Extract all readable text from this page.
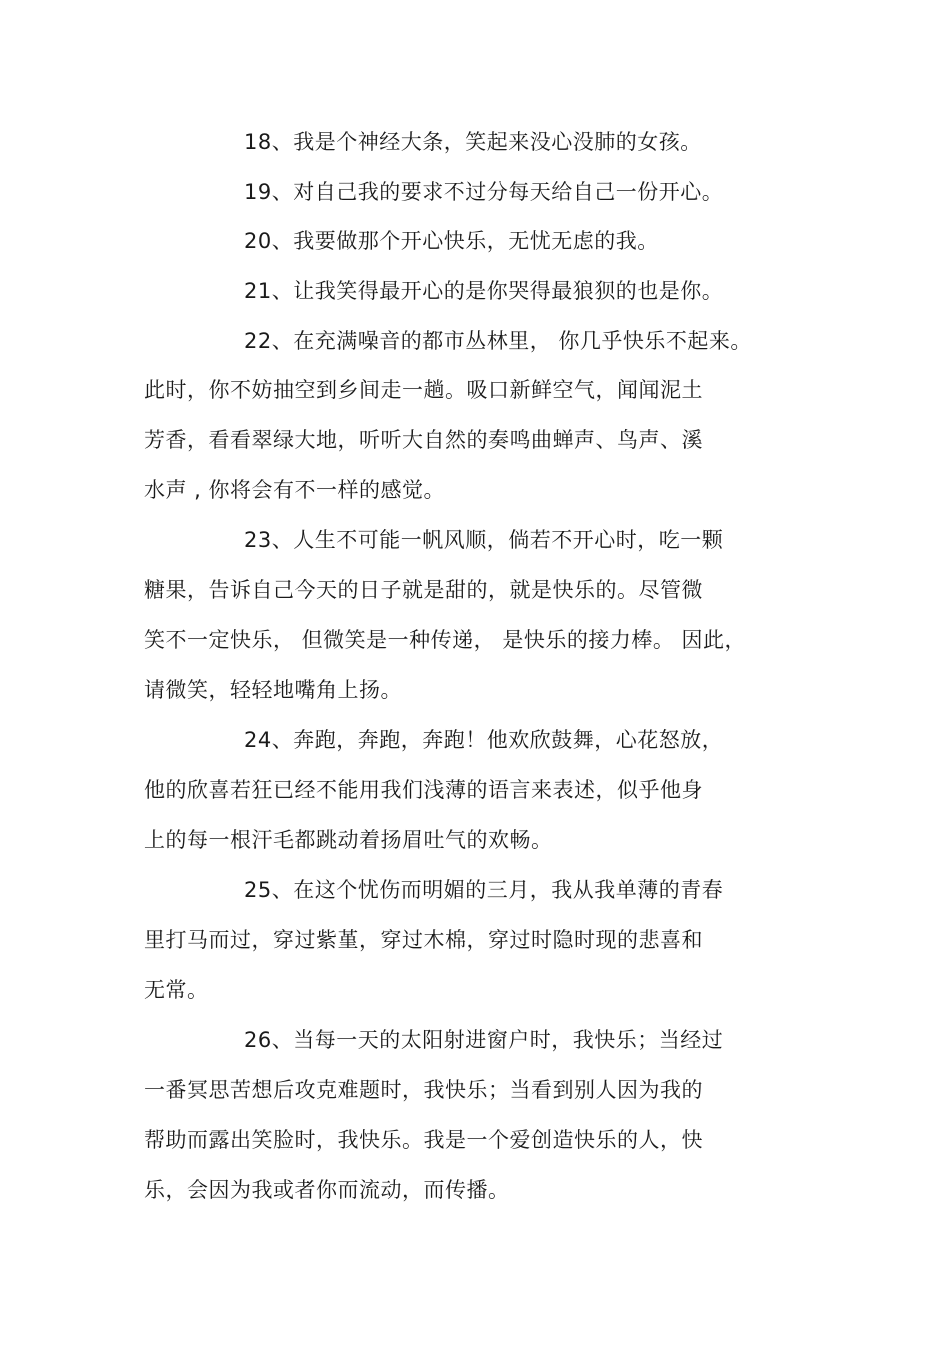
18、我是个神经大条，笑起来没心没肺的女孩。
19、对自己我的要求不过分每天给自己一份开心。
20、我要做那个开心快乐，无忧无虑的我。
21、让我笑得最开心的是你哭得最狼狈的也是你。
22、在充满噪音的都市丛林里， 你几乎快乐不起来。
此时，你不妨抽空到乡间走一趟。吸口新鲜空气，闻闻泥土
芳香，看看翠绿大地，听听大自然的奏鸣曲蝉声、鸟声、溪
水声 , 你将会有不一样的感觉。
23、人生不可能一帆风顺，倘若不开心时，吃一颗
糖果，告诉自己今天的日子就是甜的，就是快乐的。尽管微
笑不一定快乐， 但微笑是一种传递， 是快乐的接力棒。 因此，
请微笑，轻轻地嘴角上扬。
24、奔跑，奔跑，奔跑！他欢欣鼓舞，心花怒放，
他的欣喜若狂已经不能用我们浅薄的语言来表述，似乎他身
上的每一根汗毛都跳动着扬眉吐气的欢畅。
25、在这个忧伤而明媚的三月，我从我单薄的青春
里打马而过，穿过紫堇，穿过木棉，穿过时隐时现的悲喜和
无常。
26、当每一天的太阳射进窗户时，我快乐；当经过
一番冥思苦想后攻克难题时，我快乐；当看到别人因为我的
帮助而露出笑脸时，我快乐。我是一个爱创造快乐的人，快
乐，会因为我或者你而流动，而传播。
